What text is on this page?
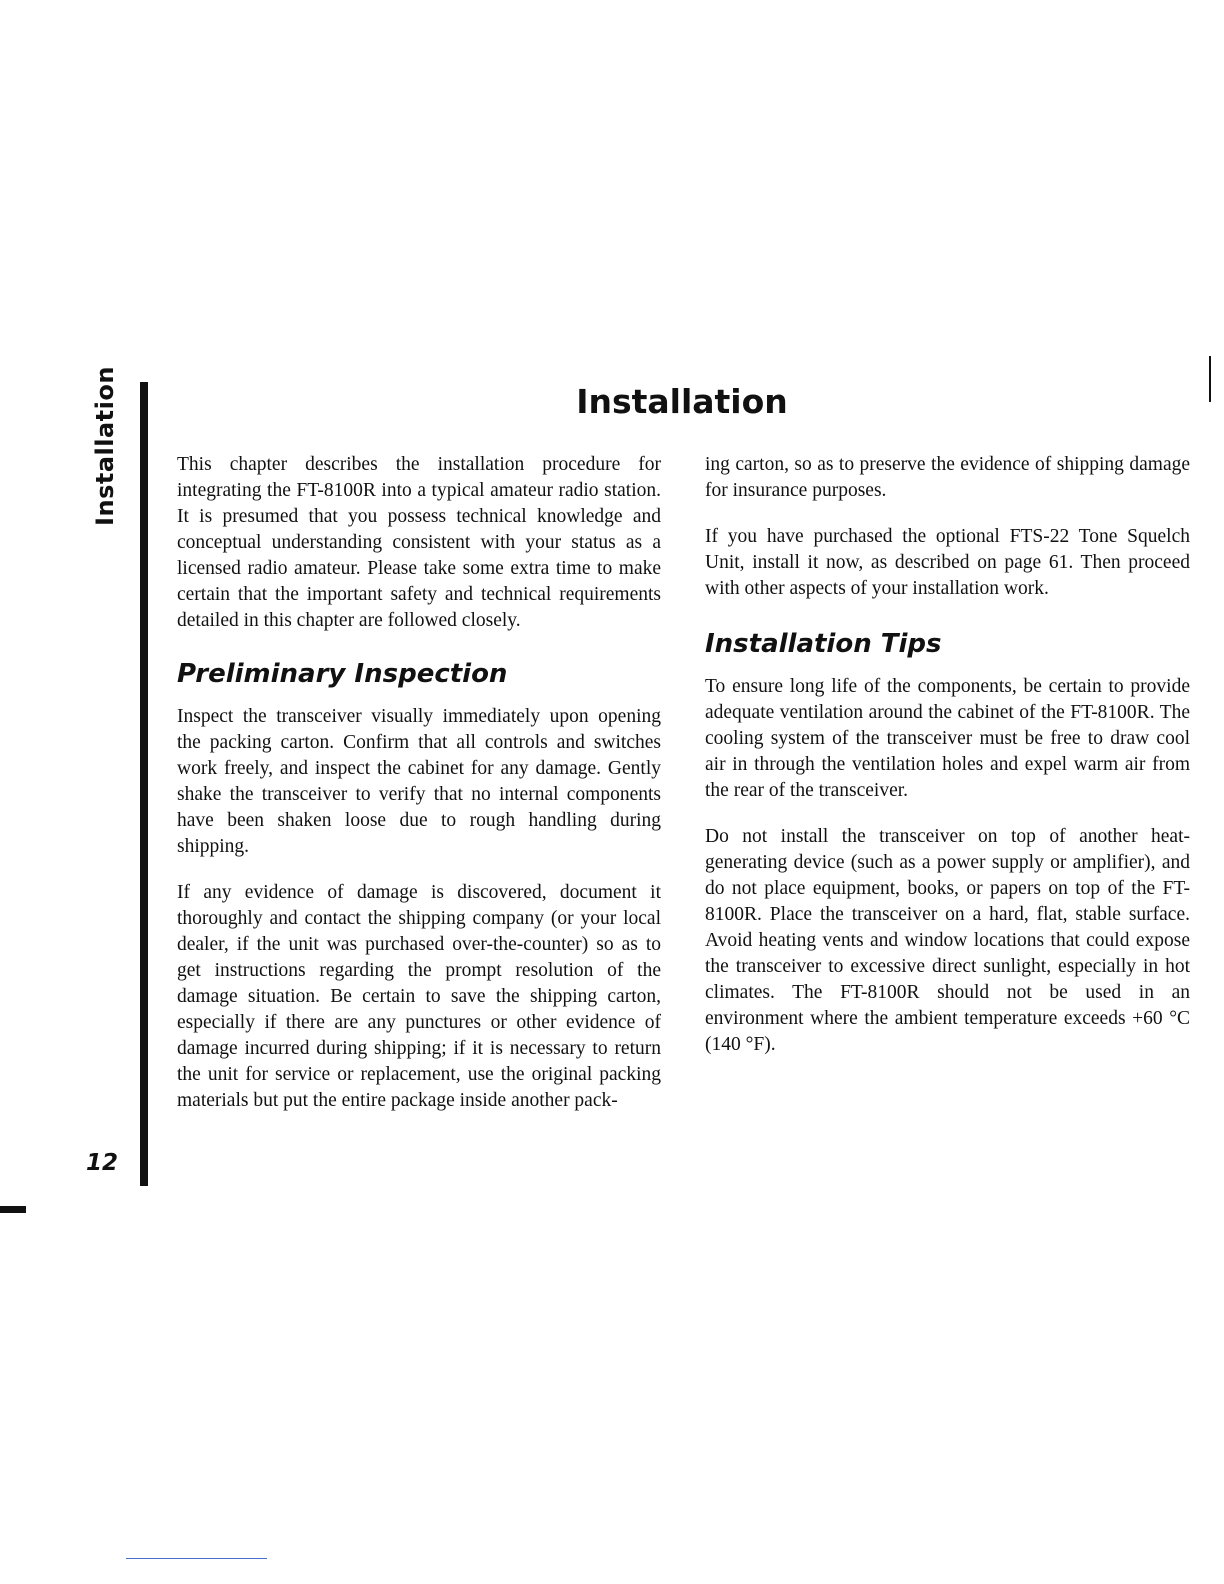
Installation
12
Installation

This chapter describes the installation procedure for integrating the FT-8100R into a typical amateur radio station. It is presumed that you possess technical knowledge and conceptual understanding consistent with your status as a licensed radio amateur. Please take some extra time to make certain that the important safety and technical requirements detailed in this chapter are followed closely.

Preliminary Inspection

Inspect the transceiver visually immediately upon opening the packing carton. Confirm that all controls and switches work freely, and inspect the cabinet for any damage. Gently shake the transceiver to verify that no internal components have been shaken loose due to rough handling during shipping.

If any evidence of damage is discovered, document it thoroughly and contact the shipping company (or your local dealer, if the unit was purchased over-the-counter) so as to get instructions regarding the prompt resolution of the damage situation. Be certain to save the shipping carton, especially if there are any punctures or other evidence of damage incurred during shipping; if it is necessary to return the unit for service or replacement, use the original packing materials but put the entire package inside another pack-

ing carton, so as to preserve the evidence of shipping damage for insurance purposes.

If you have purchased the optional FTS-22 Tone Squelch Unit, install it now, as described on page 61. Then proceed with other aspects of your installation work.

Installation Tips

To ensure long life of the components, be certain to provide adequate ventilation around the cabinet of the FT-8100R. The cooling system of the transceiver must be free to draw cool air in through the ventilation holes and expel warm air from the rear of the transceiver.

Do not install the transceiver on top of another heat-generating device (such as a power supply or amplifier), and do not place equipment, books, or papers on top of the FT-8100R. Place the transceiver on a hard, flat, stable surface. Avoid heating vents and window locations that could expose the transceiver to excessive direct sunlight, especially in hot climates. The FT-8100R should not be used in an environment where the ambient temperature exceeds +60 °C (140 °F).
